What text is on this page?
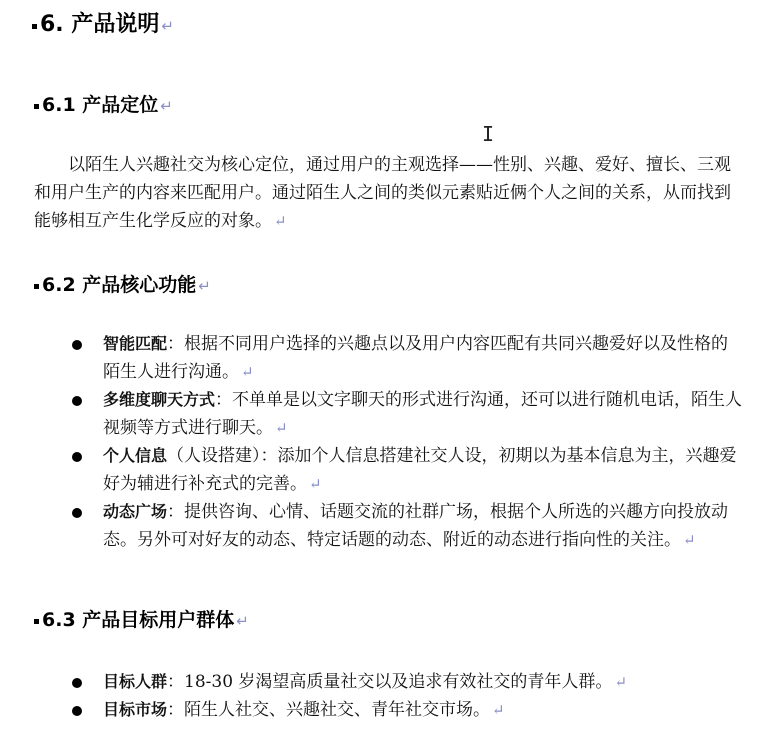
6. 产品说明 ↵
6.1 产品定位 ↵
I
以陌生人兴趣社交为核心定位，通过用户的主观选择——性别、兴趣、爱好、擅长、三观和用户生产的内容来匹配用户。通过陌生人之间的类似元素贴近俩个人之间的关系，从而找到能够相互产生化学反应的对象。 ↵
6.2 产品核心功能 ↵
智能匹配：根据不同用户选择的兴趣点以及用户内容匹配有共同兴趣爱好以及性格的陌生人进行沟通。 ↵
多维度聊天方式：不单单是以文字聊天的形式进行沟通，还可以进行随机电话，陌生人视频等方式进行聊天。 ↵
个人信息（人设搭建）：添加个人信息搭建社交人设，初期以为基本信息为主，兴趣爱好为辅进行补充式的完善。 ↵
动态广场：提供咨询、心情、话题交流的社群广场，根据个人所选的兴趣方向投放动态。另外可对好友的动态、特定话题的动态、附近的动态进行指向性的关注。 ↵
6.3 产品目标用户群体 ↵
目标人群：18-30 岁渴望高质量社交以及追求有效社交的青年人群。 ↵
目标市场：陌生人社交、兴趣社交、青年社交市场。 ↵
